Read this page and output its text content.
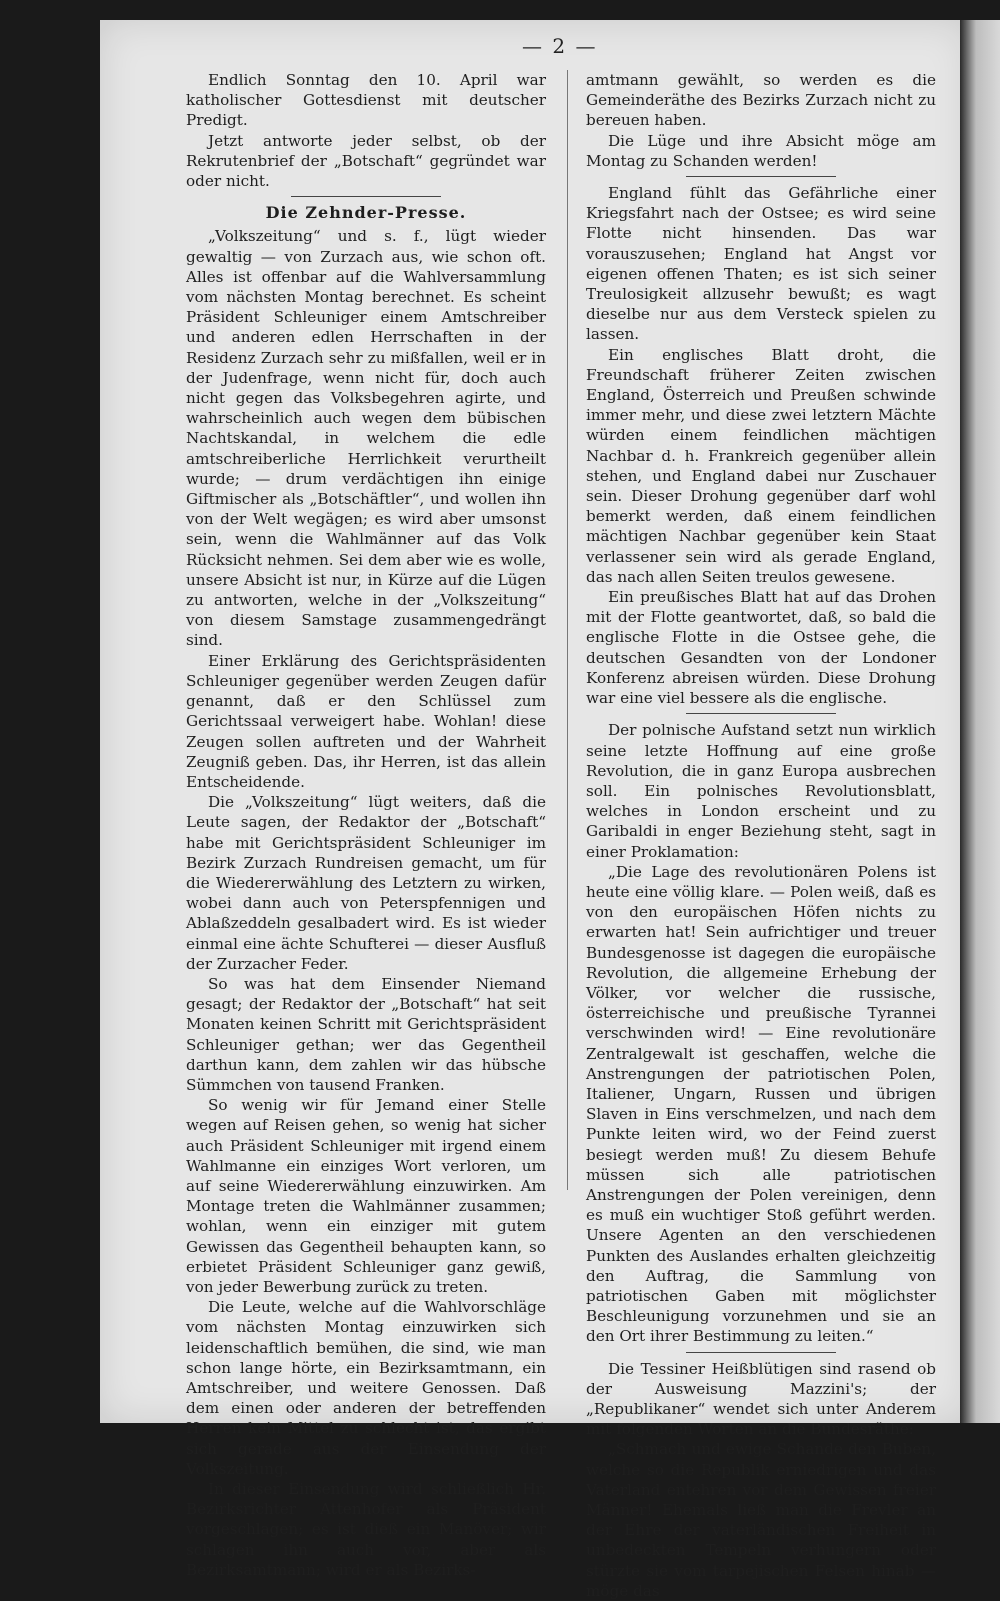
— 2 —

Endlich Sonntag den 10. April war katholischer Gottesdienst mit deutscher Predigt.

Jetzt antworte jeder selbst, ob der Rekrutenbrief der „Botschaft“ gegründet war oder nicht.

Die Zehnder-Presse.

„Volkszeitung“ und s. f., lügt wieder gewaltig — von Zurzach aus, wie schon oft. Alles ist offenbar auf die Wahlversammlung vom nächsten Montag berechnet. Es scheint Präsident Schleuniger einem Amtschreiber und anderen edlen Herrschaften in der Residenz Zurzach sehr zu mißfallen, weil er in der Judenfrage, wenn nicht für, doch auch nicht gegen das Volksbegehren agirte, und wahrscheinlich auch wegen dem bübischen Nachtskandal, in welchem die edle amtschreiberliche Herrlichkeit verurtheilt wurde; — drum verdächtigen ihn einige Giftmischer als „Botschäftler“, und wollen ihn von der Welt wegägen; es wird aber umsonst sein, wenn die Wahlmänner auf das Volk Rücksicht nehmen. Sei dem aber wie es wolle, unsere Absicht ist nur, in Kürze auf die Lügen zu antworten, welche in der „Volkszeitung“ von diesem Samstage zusammengedrängt sind.

Einer Erklärung des Gerichtspräsidenten Schleuniger gegenüber werden Zeugen dafür genannt, daß er den Schlüssel zum Gerichtssaal verweigert habe. Wohlan! diese Zeugen sollen auftreten und der Wahrheit Zeugniß geben. Das, ihr Herren, ist das allein Entscheidende.

Die „Volkszeitung“ lügt weiters, daß die Leute sagen, der Redaktor der „Botschaft“ habe mit Gerichtspräsident Schleuniger im Bezirk Zurzach Rundreisen gemacht, um für die Wiedererwählung des Letztern zu wirken, wobei dann auch von Peterspfennigen und Ablaßzeddeln gesalbadert wird. Es ist wieder einmal eine ächte Schufterei — dieser Ausfluß der Zurzacher Feder.

So was hat dem Einsender Niemand gesagt; der Redaktor der „Botschaft“ hat seit Monaten keinen Schritt mit Gerichtspräsident Schleuniger gethan; wer das Gegentheil darthun kann, dem zahlen wir das hübsche Sümmchen von tausend Franken.

So wenig wir für Jemand einer Stelle wegen auf Reisen gehen, so wenig hat sicher auch Präsident Schleuniger mit irgend einem Wahlmanne ein einziges Wort verloren, um auf seine Wiedererwählung einzuwirken. Am Montage treten die Wahlmänner zusammen; wohlan, wenn ein einziger mit gutem Gewissen das Gegentheil behaupten kann, so erbietet Präsident Schleuniger ganz gewiß, von jeder Bewerbung zurück zu treten.

Die Leute, welche auf die Wahlvorschläge vom nächsten Montag einzuwirken sich leidenschaftlich bemühen, die sind, wie man schon lange hörte, ein Bezirksamtmann, ein Amtschreiber, und weitere Genossen. Daß dem einen oder anderen der betreffenden Herren kein Mittel zu schlecht ist, das ergibt sich gerade aus der Einsendung der Volkszeitung.

In dieser Einsendung wird schließlich Hr. Bezirksrichter Attenhofer als Präsident vorgeschlagen; es ist dieß ein Manöver; wir schlagen ihn auch vor, aber als Bezirksamtmann; wird er als Bezirks-

amtmann gewählt, so werden es die Gemeinderäthe des Bezirks Zurzach nicht zu bereuen haben.

Die Lüge und ihre Absicht möge am Montag zu Schanden werden!

England fühlt das Gefährliche einer Kriegsfahrt nach der Ostsee; es wird seine Flotte nicht hinsenden. Das war vorauszusehen; England hat Angst vor eigenen offenen Thaten; es ist sich seiner Treulosigkeit allzusehr bewußt; es wagt dieselbe nur aus dem Versteck spielen zu lassen.

Ein englisches Blatt droht, die Freundschaft früherer Zeiten zwischen England, Österreich und Preußen schwinde immer mehr, und diese zwei letztern Mächte würden einem feindlichen mächtigen Nachbar d. h. Frankreich gegenüber allein stehen, und England dabei nur Zuschauer sein. Dieser Drohung gegenüber darf wohl bemerkt werden, daß einem feindlichen mächtigen Nachbar gegenüber kein Staat verlassener sein wird als gerade England, das nach allen Seiten treulos gewesene.

Ein preußisches Blatt hat auf das Drohen mit der Flotte geantwortet, daß, so bald die englische Flotte in die Ostsee gehe, die deutschen Gesandten von der Londoner Konferenz abreisen würden. Diese Drohung war eine viel bessere als die englische.

Der polnische Aufstand setzt nun wirklich seine letzte Hoffnung auf eine große Revolution, die in ganz Europa ausbrechen soll. Ein polnisches Revolutionsblatt, welches in London erscheint und zu Garibaldi in enger Beziehung steht, sagt in einer Proklamation:

„Die Lage des revolutionären Polens ist heute eine völlig klare. — Polen weiß, daß es von den europäischen Höfen nichts zu erwarten hat! Sein aufrichtiger und treuer Bundesgenosse ist dagegen die europäische Revolution, die allgemeine Erhebung der Völker, vor welcher die russische, österreichische und preußische Tyrannei verschwinden wird! — Eine revolutionäre Zentralgewalt ist geschaffen, welche die Anstrengungen der patriotischen Polen, Italiener, Ungarn, Russen und übrigen Slaven in Eins verschmelzen, und nach dem Punkte leiten wird, wo der Feind zuerst besiegt werden muß! Zu diesem Behufe müssen sich alle patriotischen Anstrengungen der Polen vereinigen, denn es muß ein wuchtiger Stoß geführt werden. Unsere Agenten an den verschiedenen Punkten des Auslandes erhalten gleichzeitig den Auftrag, die Sammlung von patriotischen Gaben mit möglichster Beschleunigung vorzunehmen und sie an den Ort ihrer Bestimmung zu leiten.“

Die Tessiner Heißblütigen sind rasend ob der Ausweisung Mazzini's; der „Republikaner“ wendet sich unter Anderem mit folgenden Worten an die Bundesräthe:

„Schmach und ewige Schande den Buben, welche so die Republik erniedrigen und das Vaterland entehren vor dem Gewissen freier Männer! Ehemals ließ man die Frevler an der Ehre der vaterländischen Freiheit in unbedeckten Tempeln verhungern oder stürzte sie vom tarpejischen Felsen hinab — möge das
